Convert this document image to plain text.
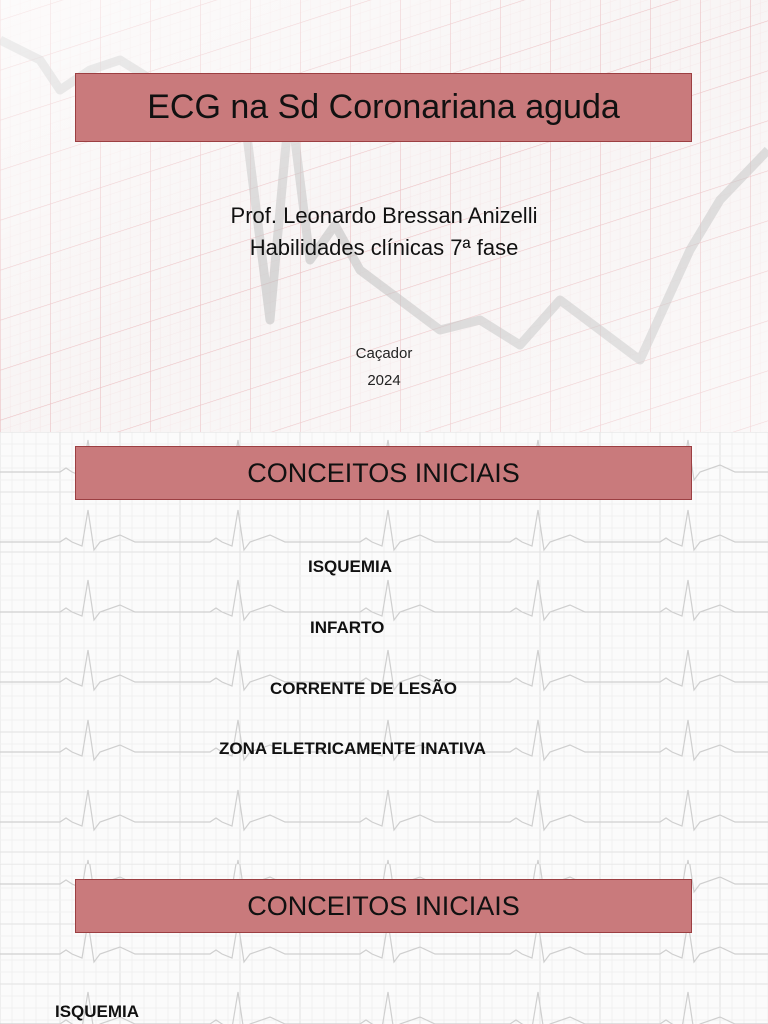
ECG na Sd Coronariana aguda
Prof. Leonardo Bressan Anizelli
Habilidades clínicas 7ª fase
Caçador
2024
CONCEITOS INICIAIS
ISQUEMIA
INFARTO
CORRENTE DE LESÃO
ZONA ELETRICAMENTE INATIVA
CONCEITOS INICIAIS
ISQUEMIA
